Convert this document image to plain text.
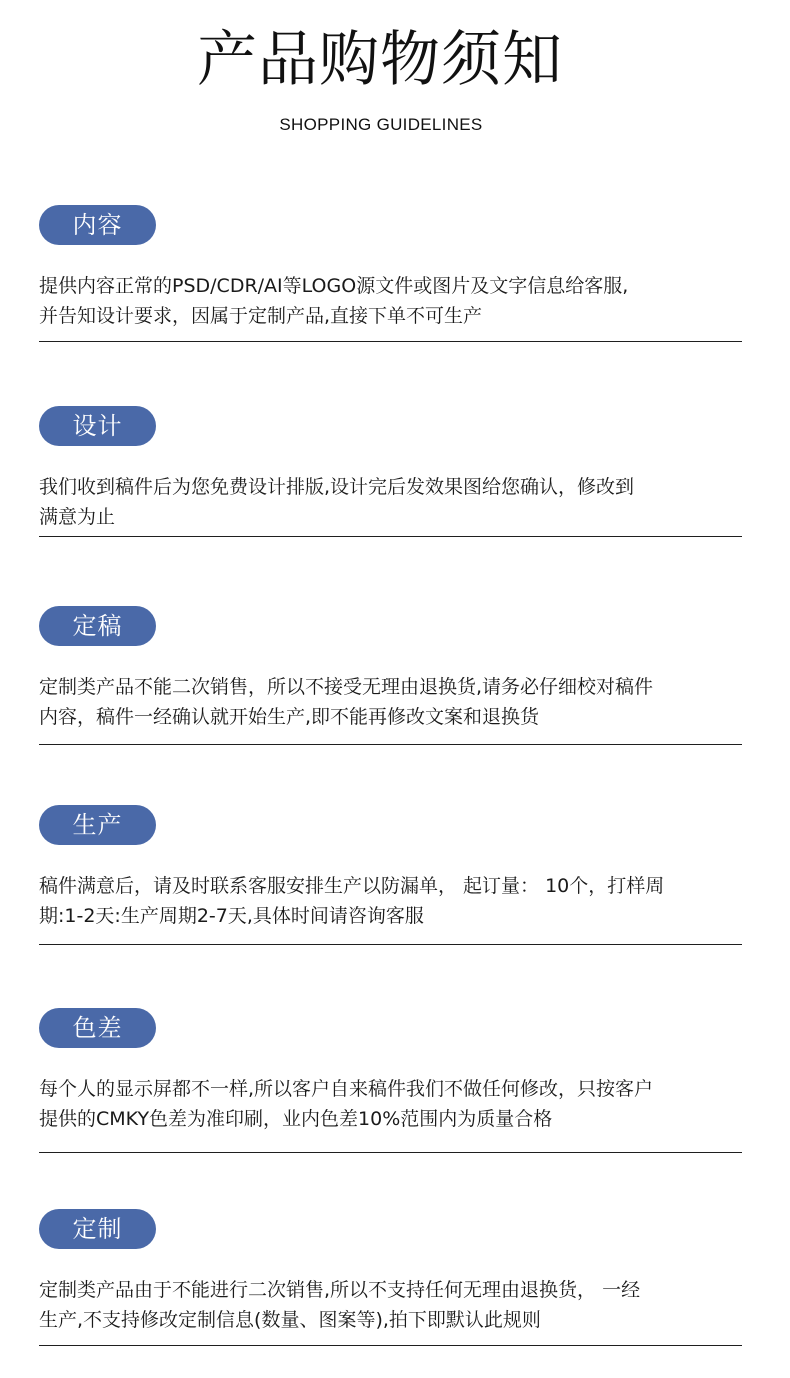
产品购物须知
SHOPPING GUIDELINES
内容

提供内容正常的PSD/CDR/AI等LOGO源文件或图片及文字信息给客服,

并告知设计要求，因属于定制产品,直接下单不可生产

设计

我们收到稿件后为您免费设计排版,设计完后发效果图给您确认，修改到

满意为止

定稿

定制类产品不能二次销售，所以不接受无理由退换货,请务必仔细校对稿件

内容，稿件一经确认就开始生产,即不能再修改文案和退换货

生产

稿件满意后，请及时联系客服安排生产以防漏单， 起订量： 10个，打样周

期:1-2天:生产周期2-7天,具体时间请咨询客服

色差

每个人的显示屏都不一样,所以客户自来稿件我们不做任何修改，只按客户

提供的CMKY色差为准印刷，业内色差10%范围内为质量合格

定制

定制类产品由于不能进行二次销售,所以不支持任何无理由退换货， 一经

生产,不支持修改定制信息(数量、图案等),拍下即默认此规则
